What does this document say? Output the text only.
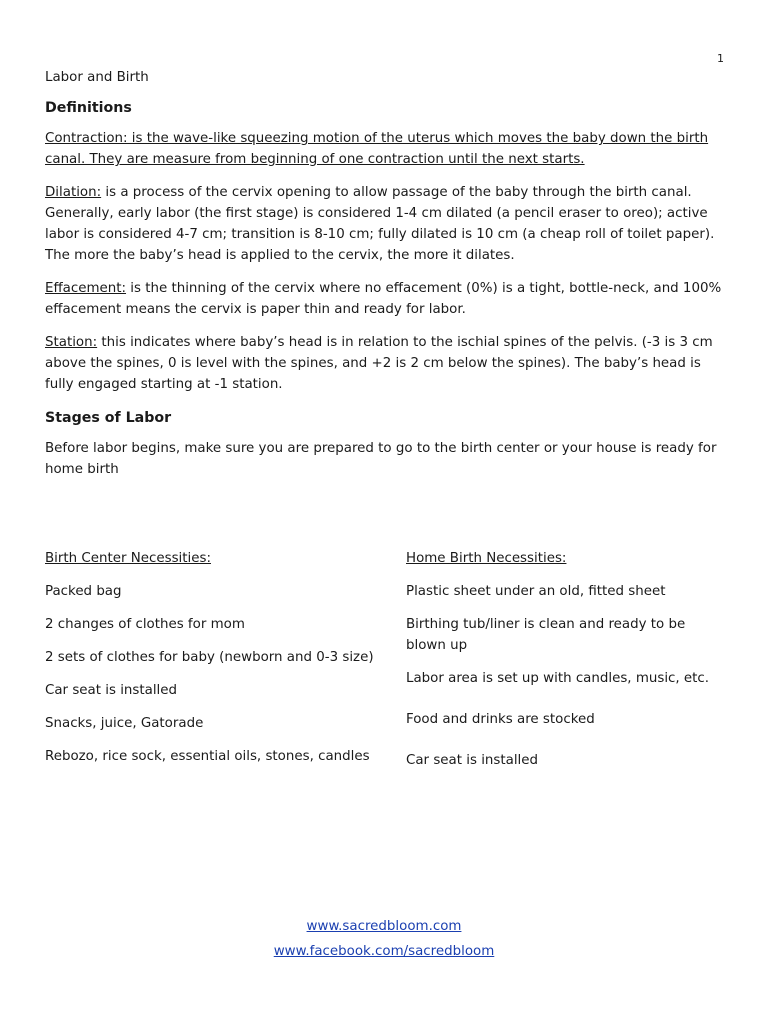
1

Labor and Birth

Definitions

Contraction: is the wave-like squeezing motion of the uterus which moves the baby down the birth canal. They are measure from beginning of one contraction until the next starts.

Dilation: is a process of the cervix opening to allow passage of the baby through the birth canal. Generally, early labor (the first stage) is considered 1-4 cm dilated (a pencil eraser to oreo); active labor is considered 4-7 cm; transition is 8-10 cm; fully dilated is 10 cm (a cheap roll of toilet paper). The more the baby’s head is applied to the cervix, the more it dilates.

Effacement: is the thinning of the cervix where no effacement (0%) is a tight, bottle-neck, and 100% effacement means the cervix is paper thin and ready for labor.

Station: this indicates where baby’s head is in relation to the ischial spines of the pelvis. (-3 is 3 cm above the spines, 0 is level with the spines, and +2 is 2 cm below the spines). The baby’s head is fully engaged starting at -1 station.

Stages of Labor

Before labor begins, make sure you are prepared to go to the birth center or your house is ready for home birth

Birth Center Necessities:
Packed bag
2 changes of clothes for mom
2 sets of clothes for baby (newborn and 0-3 size)
Car seat is installed
Snacks, juice, Gatorade
Rebozo, rice sock, essential oils, stones, candles
Home Birth Necessities:
Plastic sheet under an old, fitted sheet
Birthing tub/liner is clean and ready to be blown up
Labor area is set up with candles, music, etc.
Food and drinks are stocked
Car seat is installed
www.sacredbloom.com
www.facebook.com/sacredbloom
